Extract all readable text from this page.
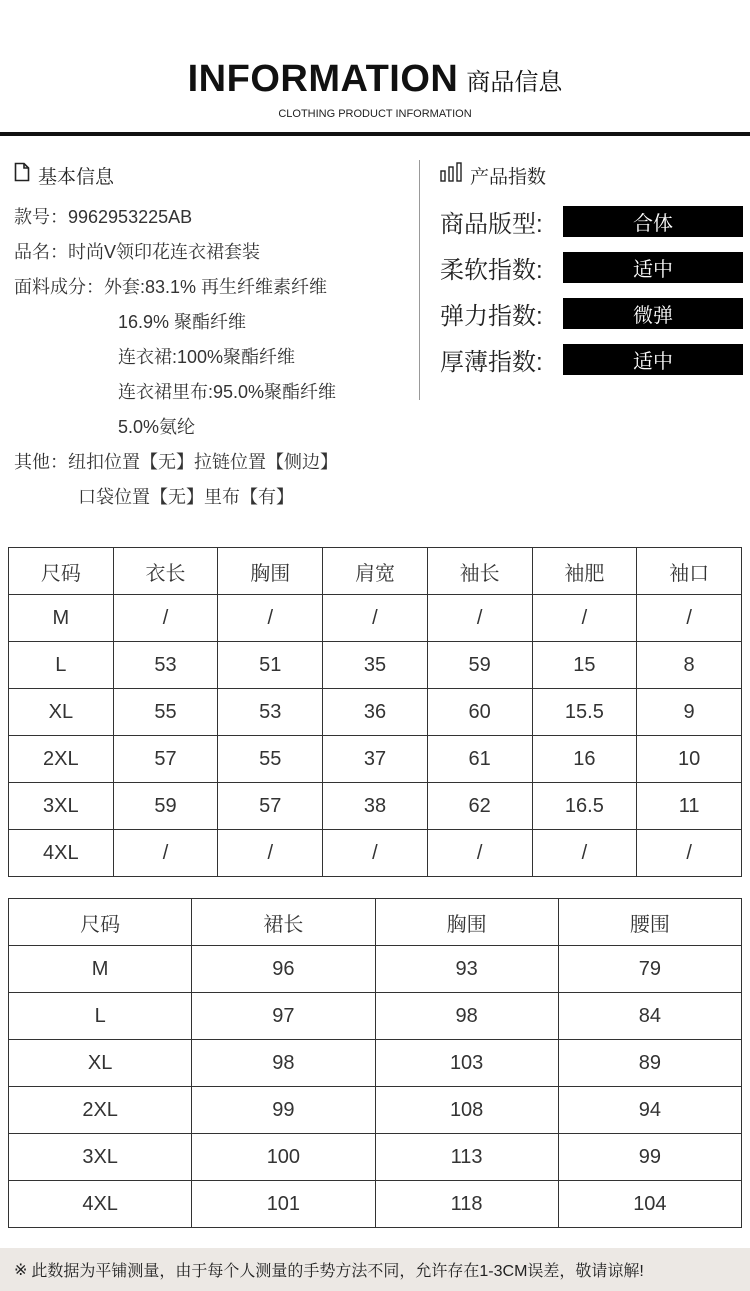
INFORMATION 商品信息
CLOTHING PRODUCT INFORMATION
基本信息
款号： 9962953225AB
品名： 时尚V领印花连衣裙套装
面料成分： 外套:83.1% 再生纤维素纤维
16.9% 聚酯纤维
连衣裙:100%聚酯纤维
连衣裙里布:95.0%聚酯纤维
5.0%氨纶
其他： 纽扣位置【无】拉链位置【侧边】
口袋位置【无】里布【有】
产品指数
商品版型:	合体
柔软指数:	适中
弹力指数:	微弹
厚薄指数:	适中
尺码	衣长	胸围	肩宽	袖长	袖肥	袖口
M	/	/	/	/	/	/
L	53	51	35	59	15	8
XL	55	53	36	60	15.5	9
2XL	57	55	37	61	16	10
3XL	59	57	38	62	16.5	11
4XL	/	/	/	/	/	/
尺码	裙长	胸围	腰围
M	96	93	79
L	97	98	84
XL	98	103	89
2XL	99	108	94
3XL	100	113	99
4XL	101	118	104
※ 此数据为平铺测量，由于每个人测量的手势方法不同，允许存在1-3CM误差，敬请谅解!
